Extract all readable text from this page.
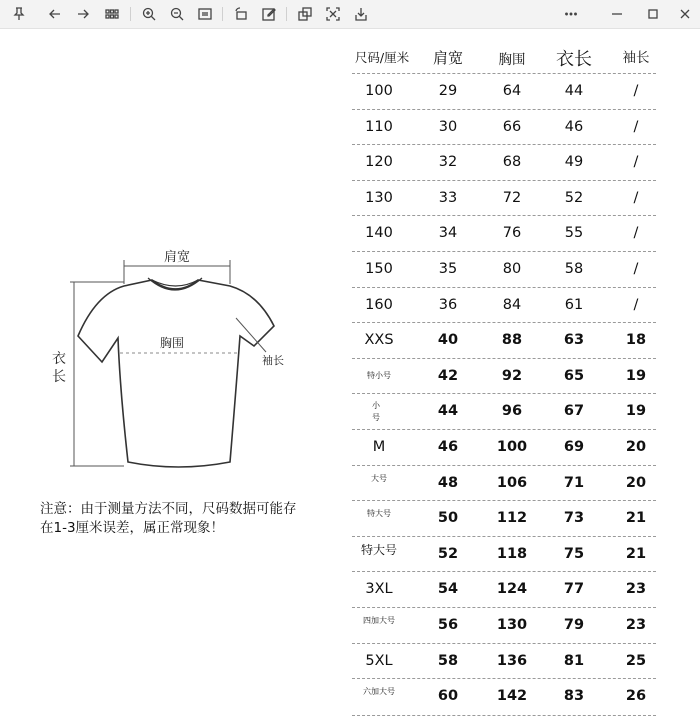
肩宽
胸围
衣长
袖长
注意：由于测量方法不同，尺码数据可能存
在1-3厘米误差，属正常现象！
尺码/厘米	肩宽	胸围	衣长	袖长
100	29	64	44	/
110	30	66	46	/
120	32	68	49	/
130	33	72	52	/
140	34	76	55	/
150	35	80	58	/
160	36	84	61	/
XXS	40	88	63	18
特小号	42	92	65	19
小号	44	96	67	19
M	46	100	69	20
大号	48	106	71	20
特大号	50	112	73	21
特大号	52	118	75	21
3XL	54	124	77	23
四加大号	56	130	79	23
5XL	58	136	81	25
六加大号	60	142	83	26
